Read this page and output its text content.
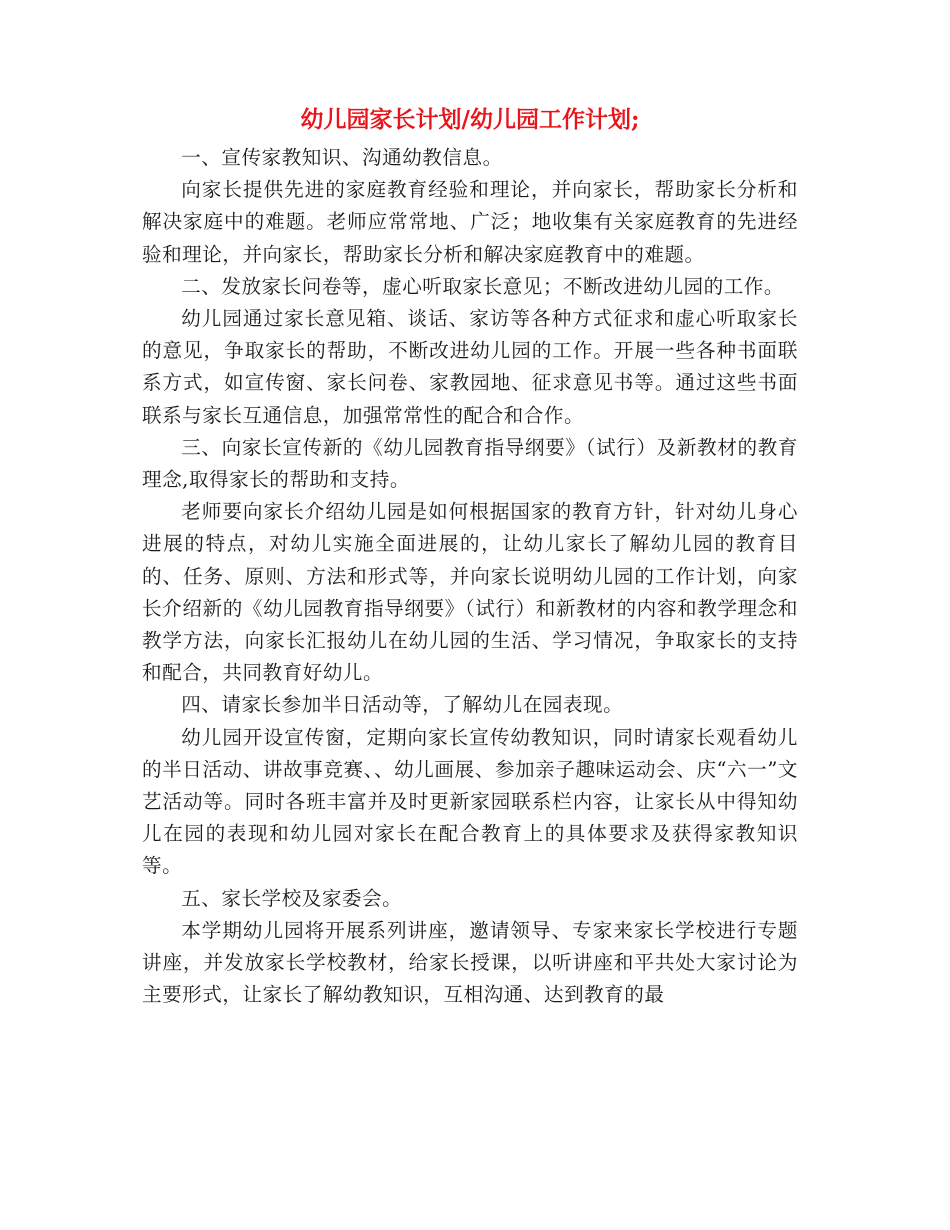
幼儿园家长计划/幼儿园工作计划;

一、宣传家教知识、沟通幼教信息。

向家长提供先进的家庭教育经验和理论，并向家长，帮助家长分析和解决家庭中的难题。老师应常常地、广泛；地收集有关家庭教育的先进经验和理论，并向家长，帮助家长分析和解决家庭教育中的难题。

二、发放家长问卷等，虚心听取家长意见；不断改进幼儿园的工作。

幼儿园通过家长意见箱、谈话、家访等各种方式征求和虚心听取家长的意见，争取家长的帮助，不断改进幼儿园的工作。开展一些各种书面联系方式，如宣传窗、家长问卷、家教园地、征求意见书等。通过这些书面联系与家长互通信息，加强常常性的配合和合作。

三、向家长宣传新的《幼儿园教育指导纲要》（试行）及新教材的教育理念,取得家长的帮助和支持。

老师要向家长介绍幼儿园是如何根据国家的教育方针，针对幼儿身心进展的特点，对幼儿实施全面进展的，让幼儿家长了解幼儿园的教育目的、任务、原则、方法和形式等，并向家长说明幼儿园的工作计划，向家长介绍新的《幼儿园教育指导纲要》（试行）和新教材的内容和教学理念和教学方法，向家长汇报幼儿在幼儿园的生活、学习情况，争取家长的支持和配合，共同教育好幼儿。

四、请家长参加半日活动等，了解幼儿在园表现。

幼儿园开设宣传窗，定期向家长宣传幼教知识，同时请家长观看幼儿的半日活动、讲故事竞赛、、幼儿画展、参加亲子趣味运动会、庆“六一”文艺活动等。同时各班丰富并及时更新家园联系栏内容，让家长从中得知幼儿在园的表现和幼儿园对家长在配合教育上的具体要求及获得家教知识等。

五、家长学校及家委会。

本学期幼儿园将开展系列讲座，邀请领导、专家来家长学校进行专题讲座，并发放家长学校教材，给家长授课，以听讲座和平共处大家讨论为主要形式，让家长了解幼教知识，互相沟通、达到教育的最
